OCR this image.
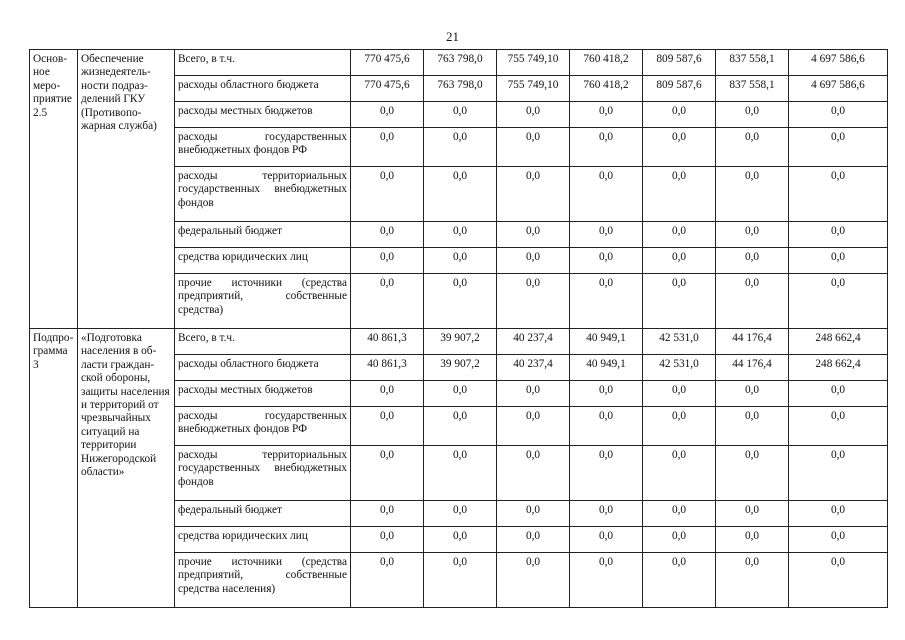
21
Основное мероприятие 2.5	Обеспечение жизнедеятельности подразделений ГКУ (Противопожарная служба)	Всего, в т.ч.	770 475,6	763 798,0	755 749,10	760 418,2	809 587,6	837 558,1	4 697 586,6
		расходы областного бюджета	770 475,6	763 798,0	755 749,10	760 418,2	809 587,6	837 558,1	4 697 586,6
		расходы местных бюджетов	0,0	0,0	0,0	0,0	0,0	0,0	0,0
		расходы государственных внебюджетных фондов РФ	0,0	0,0	0,0	0,0	0,0	0,0	0,0
		расходы территориальных государственных внебюджетных фондов	0,0	0,0	0,0	0,0	0,0	0,0	0,0
		федеральный бюджет	0,0	0,0	0,0	0,0	0,0	0,0	0,0
		средства юридических лиц	0,0	0,0	0,0	0,0	0,0	0,0	0,0
		прочие источники (средства предприятий, собственные средства)	0,0	0,0	0,0	0,0	0,0	0,0	0,0
Подпрограмма 3	«Подготовка населения в области гражданской обороны, защиты населения и территорий от чрезвычайных ситуаций на территории Нижегородской области»	Всего, в т.ч.	40 861,3	39 907,2	40 237,4	40 949,1	42 531,0	44 176,4	248 662,4
		расходы областного бюджета	40 861,3	39 907,2	40 237,4	40 949,1	42 531,0	44 176,4	248 662,4
		расходы местных бюджетов	0,0	0,0	0,0	0,0	0,0	0,0	0,0
		расходы государственных внебюджетных фондов РФ	0,0	0,0	0,0	0,0	0,0	0,0	0,0
		расходы территориальных государственных внебюджетных фондов	0,0	0,0	0,0	0,0	0,0	0,0	0,0
		федеральный бюджет	0,0	0,0	0,0	0,0	0,0	0,0	0,0
		средства юридических лиц	0,0	0,0	0,0	0,0	0,0	0,0	0,0
		прочие источники (средства предприятий, собственные средства населения)	0,0	0,0	0,0	0,0	0,0	0,0	0,0
